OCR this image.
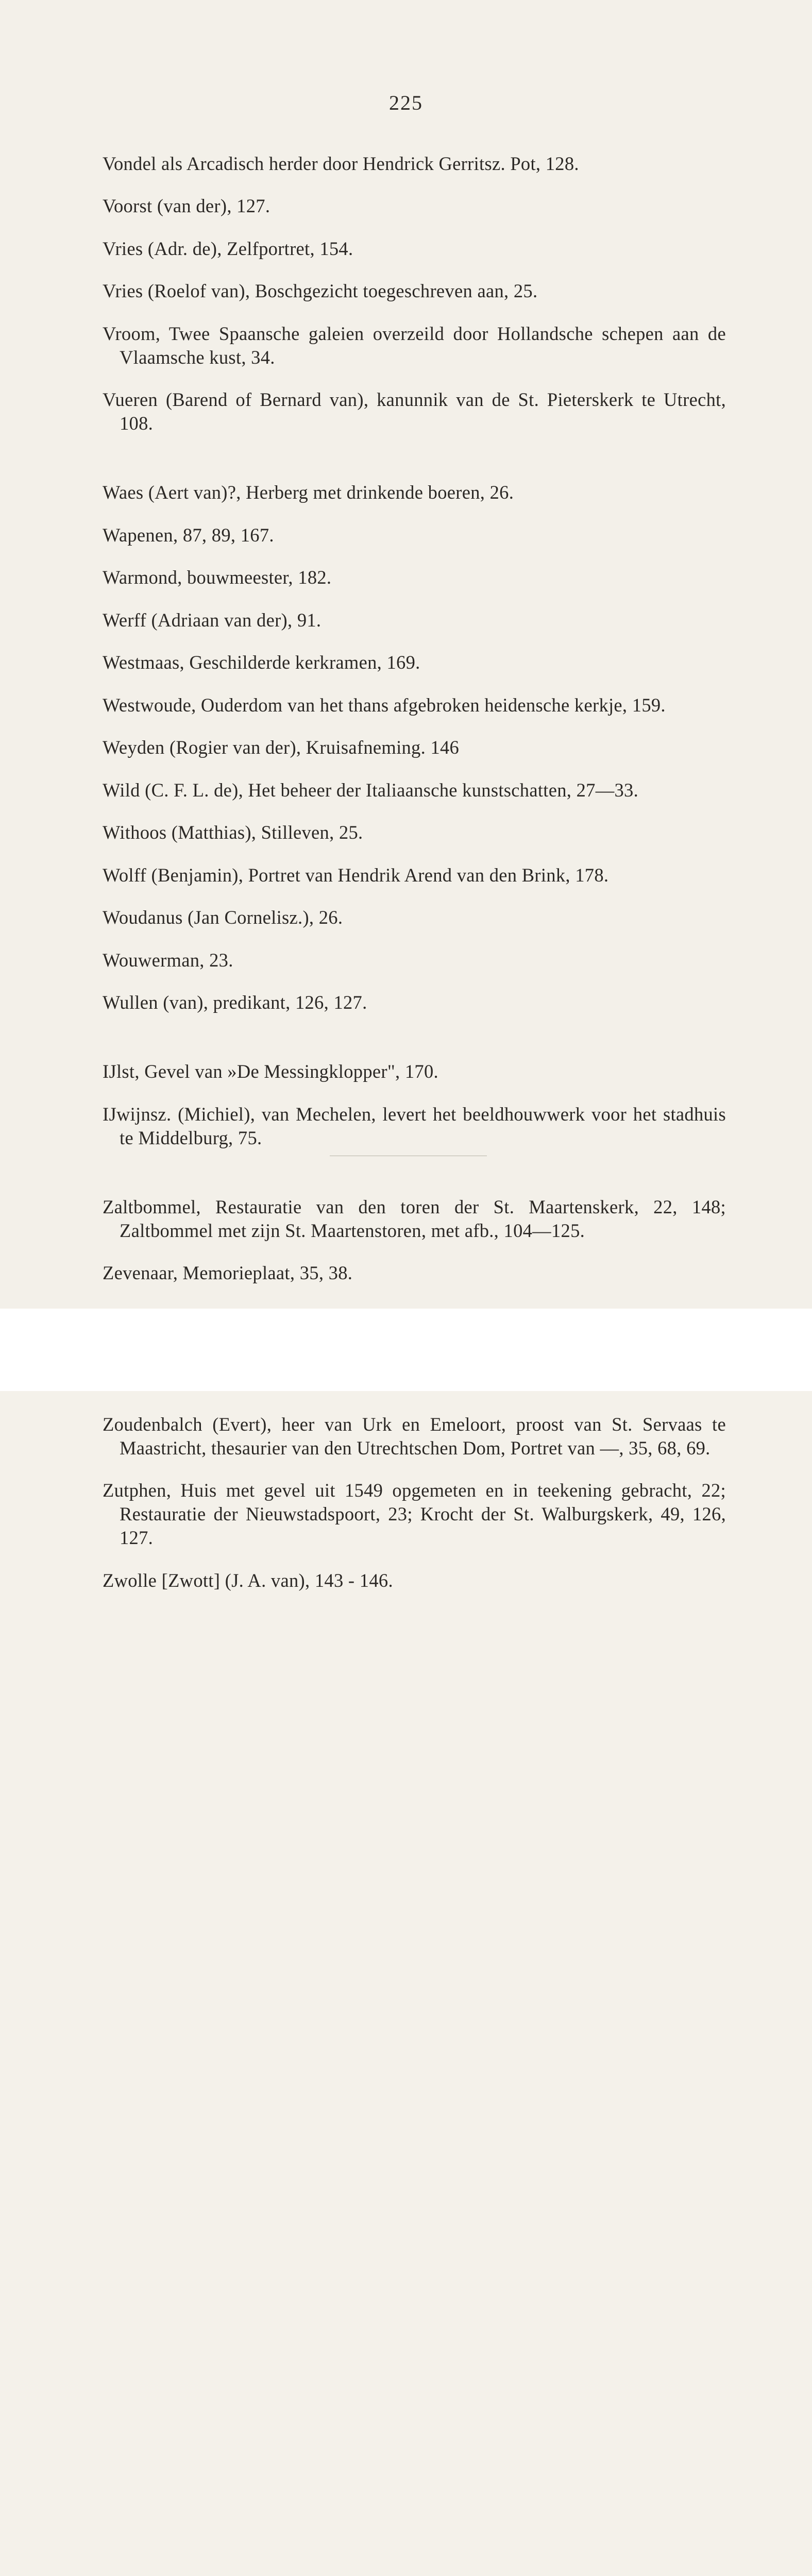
225

Vondel als Arcadisch herder door Hendrick Gerritsz. Pot, 128.

Voorst (van der), 127.

Vries (Adr. de), Zelfportret, 154.

Vries (Roelof van), Boschgezicht toegeschreven aan, 25.

Vroom, Twee Spaansche galeien overzeild door Hollandsche schepen aan de Vlaamsche kust, 34.

Vueren (Barend of Bernard van), kanunnik van de St. Pieterskerk te Utrecht, 108.

Waes (Aert van)?, Herberg met drinkende boeren, 26.

Wapenen, 87, 89, 167.

Warmond, bouwmeester, 182.

Werff (Adriaan van der), 91.

Westmaas, Geschilderde kerkramen, 169.

Westwoude, Ouderdom van het thans afgebroken heidensche kerkje, 159.

Weyden (Rogier van der), Kruisafneming. 146

Wild (C. F. L. de), Het beheer der Italiaansche kunstschatten, 27—33.

Withoos (Matthias), Stilleven, 25.

Wolff (Benjamin), Portret van Hendrik Arend van den Brink, 178.

Woudanus (Jan Cornelisz.), 26.

Wouwerman, 23.

Wullen (van), predikant, 126, 127.

IJlst, Gevel van »De Messingklopper", 170.

IJwijnsz. (Michiel), van Mechelen, levert het beeldhouwwerk voor het stadhuis te Middelburg, 75.

Zaltbommel, Restauratie van den toren der St. Maartenskerk, 22, 148; Zaltbommel met zijn St. Maartenstoren, met afb., 104—125.

Zevenaar, Memorieplaat, 35, 38.

Zoudenbalch (Evert), heer van Urk en Emeloort, proost van St. Servaas te Maastricht, thesaurier van den Utrechtschen Dom, Portret van —, 35, 68, 69.

Zutphen, Huis met gevel uit 1549 opgemeten en in teekening gebracht, 22; Restauratie der Nieuwstadspoort, 23; Krocht der St. Walburgskerk, 49, 126, 127.

Zwolle [Zwott] (J. A. van), 143 - 146.
